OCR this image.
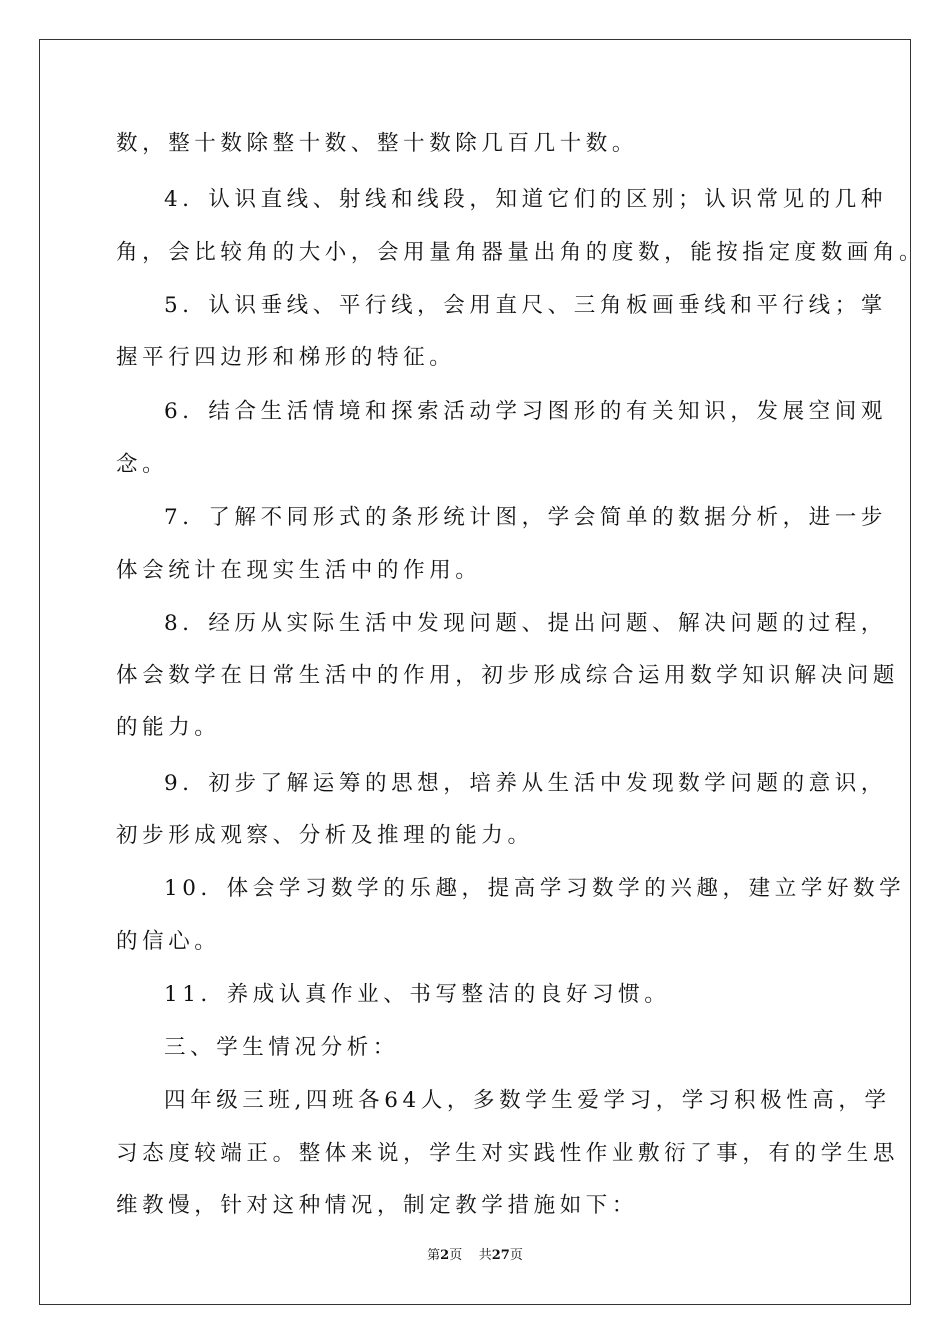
数，整十数除整十数、整十数除几百几十数。
4．认识直线、射线和线段，知道它们的区别；认识常见的几种
角，会比较角的大小，会用量角器量出角的度数，能按指定度数画角。
5．认识垂线、平行线，会用直尺、三角板画垂线和平行线；掌
握平行四边形和梯形的特征。
6．结合生活情境和探索活动学习图形的有关知识，发展空间观
念。
7．了解不同形式的条形统计图，学会简单的数据分析，进一步
体会统计在现实生活中的作用。
8．经历从实际生活中发现问题、提出问题、解决问题的过程，
体会数学在日常生活中的作用，初步形成综合运用数学知识解决问题
的能力。
9．初步了解运筹的思想，培养从生活中发现数学问题的意识，
初步形成观察、分析及推理的能力。
10．体会学习数学的乐趣，提高学习数学的兴趣，建立学好数学
的信心。
11．养成认真作业、书写整洁的良好习惯。
三、学生情况分析：
四年级三班,四班各64人，多数学生爱学习，学习积极性高，学
习态度较端正。整体来说，学生对实践性作业敷衍了事，有的学生思
维教慢，针对这种情况，制定教学措施如下：
第2页 共27页
